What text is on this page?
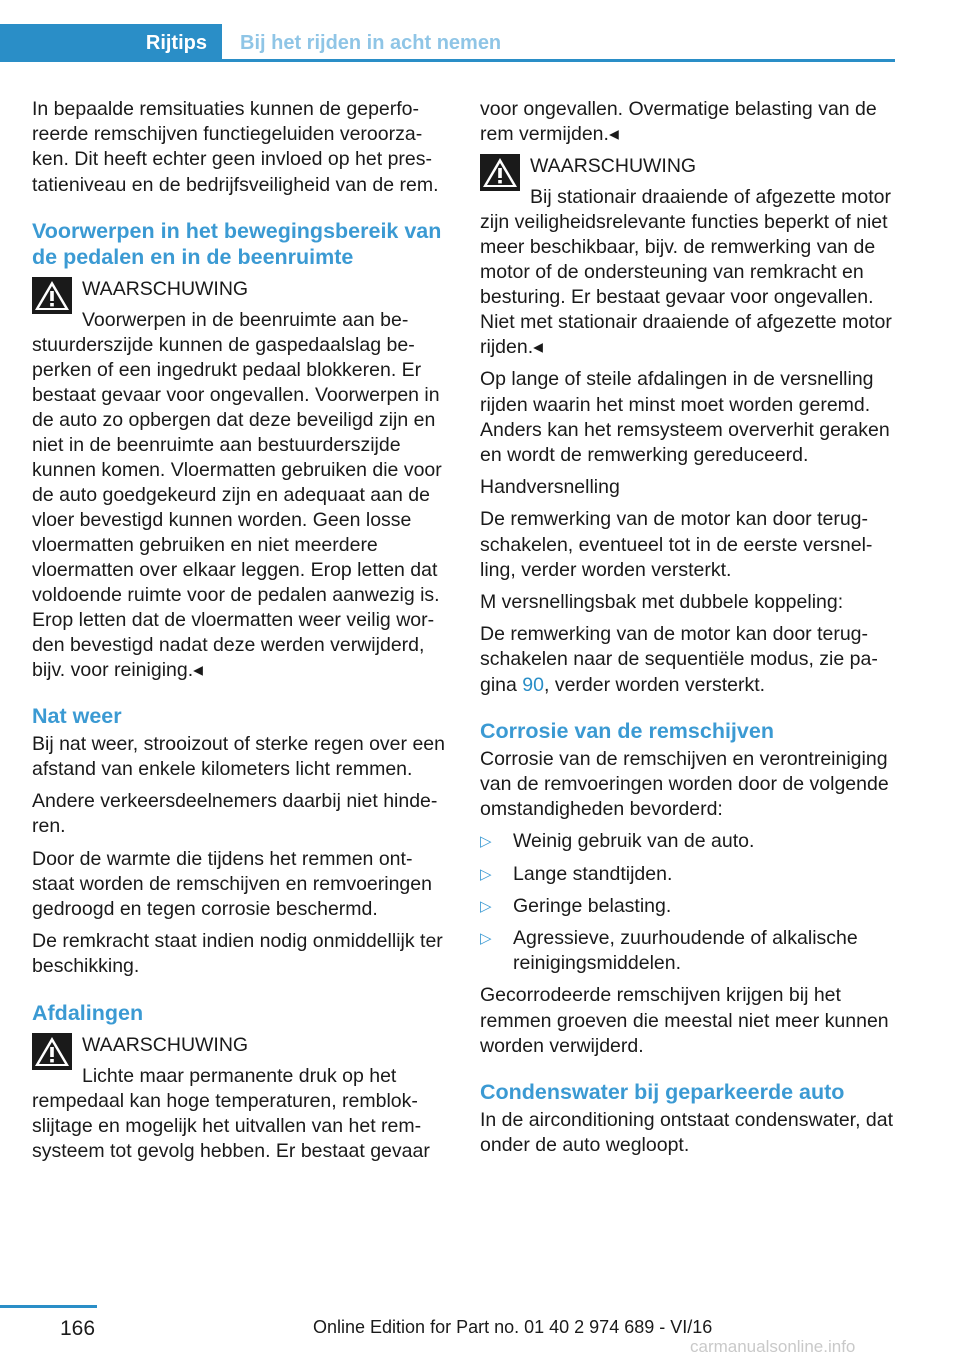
Rijtips	Bij het rijden in acht nemen

In bepaalde remsituaties kunnen de geperforeerde remschijven functiegeluiden veroorzaken. Dit heeft echter geen invloed op het prestatieniveau en de bedrijfsveiligheid van de rem.

Voorwerpen in het bewegingsbereik van de pedalen en in de beenruimte

WAARSCHUWING

Voorwerpen in de beenruimte aan bestuurderszijde kunnen de gaspedaalslag beperken of een ingedrukt pedaal blokkeren. Er bestaat gevaar voor ongevallen. Voorwerpen in de auto zo opbergen dat deze beveiligd zijn en niet in de beenruimte aan bestuurderszijde kunnen komen. Vloermatten gebruiken die voor de auto goedgekeurd zijn en adequaat aan de vloer bevestigd kunnen worden. Geen losse vloermatten gebruiken en niet meerdere vloermatten over elkaar leggen. Erop letten dat voldoende ruimte voor de pedalen aanwezig is. Erop letten dat de vloermatten weer veilig worden bevestigd nadat deze werden verwijderd, bijv. voor reiniging.◂

Nat weer

Bij nat weer, strooizout of sterke regen over een afstand van enkele kilometers licht remmen.

Andere verkeersdeelnemers daarbij niet hinderen.

Door de warmte die tijdens het remmen ontstaat worden de remschijven en remvoeringen gedroogd en tegen corrosie beschermd.

De remkracht staat indien nodig onmiddellijk ter beschikking.

Afdalingen

WAARSCHUWING

Lichte maar permanente druk op het rempedaal kan hoge temperaturen, remblokslijtage en mogelijk het uitvallen van het remsysteem tot gevolg hebben. Er bestaat gevaar

voor ongevallen. Overmatige belasting van de rem vermijden.◂

WAARSCHUWING

Bij stationair draaiende of afgezette motor zijn veiligheidsrelevante functies beperkt of niet meer beschikbaar, bijv. de remwerking van de motor of de ondersteuning van remkracht en besturing. Er bestaat gevaar voor ongevallen. Niet met stationair draaiende of afgezette motor rijden.◂

Op lange of steile afdalingen in de versnelling rijden waarin het minst moet worden geremd. Anders kan het remsysteem oververhit geraken en wordt de remwerking gereduceerd.

Handversnelling

De remwerking van de motor kan door terugschakelen, eventueel tot in de eerste versnelling, verder worden versterkt.

M versnellingsbak met dubbele koppeling:

De remwerking van de motor kan door terugschakelen naar de sequentiële modus, zie pagina 90, verder worden versterkt.

Corrosie van de remschijven

Corrosie van de remschijven en verontreiniging van de remvoeringen worden door de volgende omstandigheden bevorderd:

▷ Weinig gebruik van de auto.
▷ Lange standtijden.
▷ Geringe belasting.
▷ Agressieve, zuurhoudende of alkalische reinigingsmiddelen.

Gecorrodeerde remschijven krijgen bij het remmen groeven die meestal niet meer kunnen worden verwijderd.

Condenswater bij geparkeerde auto

In de airconditioning ontstaat condenswater, dat onder de auto wegloopt.

166	Online Edition for Part no. 01 40 2 974 689 - VI/16
carmanualsonline.info
